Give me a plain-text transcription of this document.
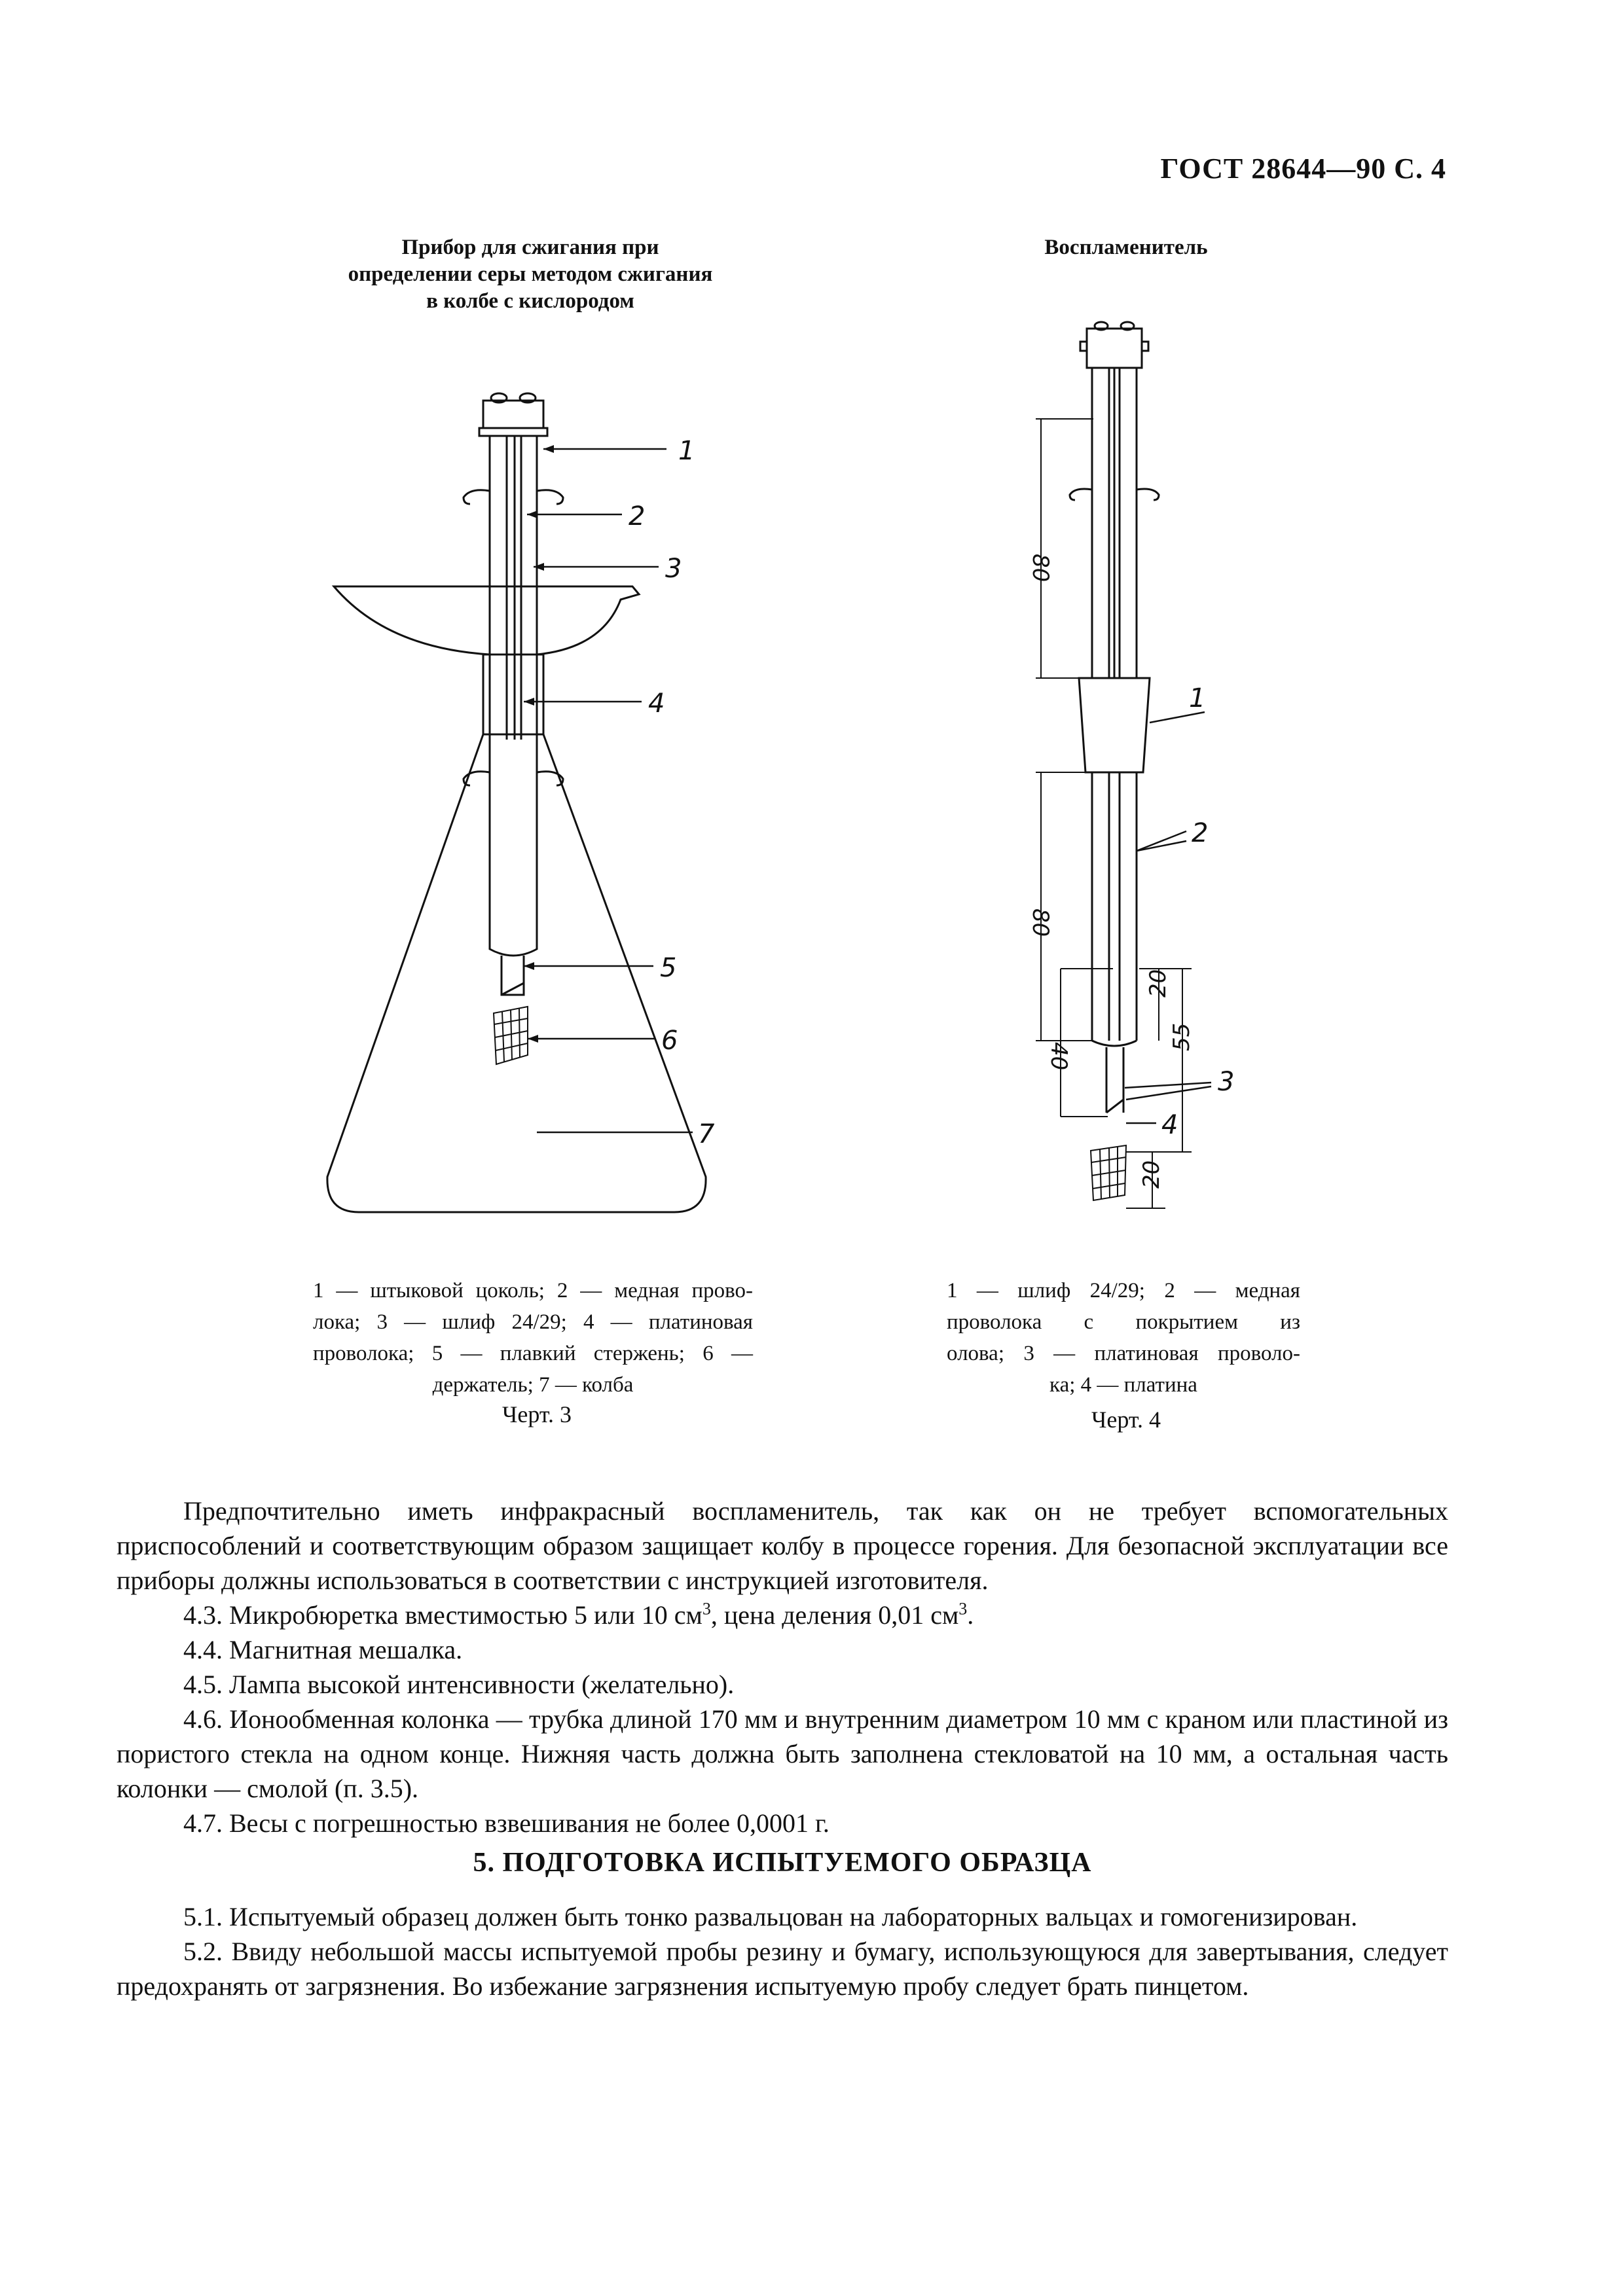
ГОСТ 28644—90 С. 4
Прибор для сжигания при
определении серы методом сжигания
в колбе с кислородом
1
2
3
4
5
6
7
1 — штыковой цоколь; 2 — медная прово-
лока; 3 — шлиф 24/29; 4 — платиновая
проволока; 5 — плавкий стержень; 6 —
держатель; 7 — колба
Черт. 3
Воспламенитель
1
2
3
4
80
80
20
40
55
20
1 — шлиф 24/29; 2 — медная
проволока с покрытием из
олова; 3 — платиновая проволо-
ка; 4 — платина
Черт. 4

Предпочтительно иметь инфракрасный воспламенитель, так как он не требует вспомогательных приспособлений и соответствующим образом защищает колбу в процессе горения. Для безопасной эксплуатации все приборы должны использоваться в соответствии с инструкцией изготовителя.

4.3. Микробюретка вместимостью 5 или 10 $см^3$, цена деления 0,01 $см^3$.

4.4. Магнитная мешалка.

4.5. Лампа высокой интенсивности (желательно).

4.6. Ионообменная колонка — трубка длиной 170 мм и внутренним диаметром 10 мм с краном или пластиной из пористого стекла на одном конце. Нижняя часть должна быть заполнена стекловатой на 10 мм, а остальная часть колонки — смолой (п. 3.5).

4.7. Весы с погрешностью взвешивания не более 0,0001 г.

5. ПОДГОТОВКА ИСПЫТУЕМОГО ОБРАЗЦА

5.1. Испытуемый образец должен быть тонко развальцован на лабораторных вальцах и гомогенизирован.

5.2. Ввиду небольшой массы испытуемой пробы резину и бумагу, использующуюся для завертывания, следует предохранять от загрязнения. Во избежание загрязнения испытуемую пробу следует брать пинцетом.
